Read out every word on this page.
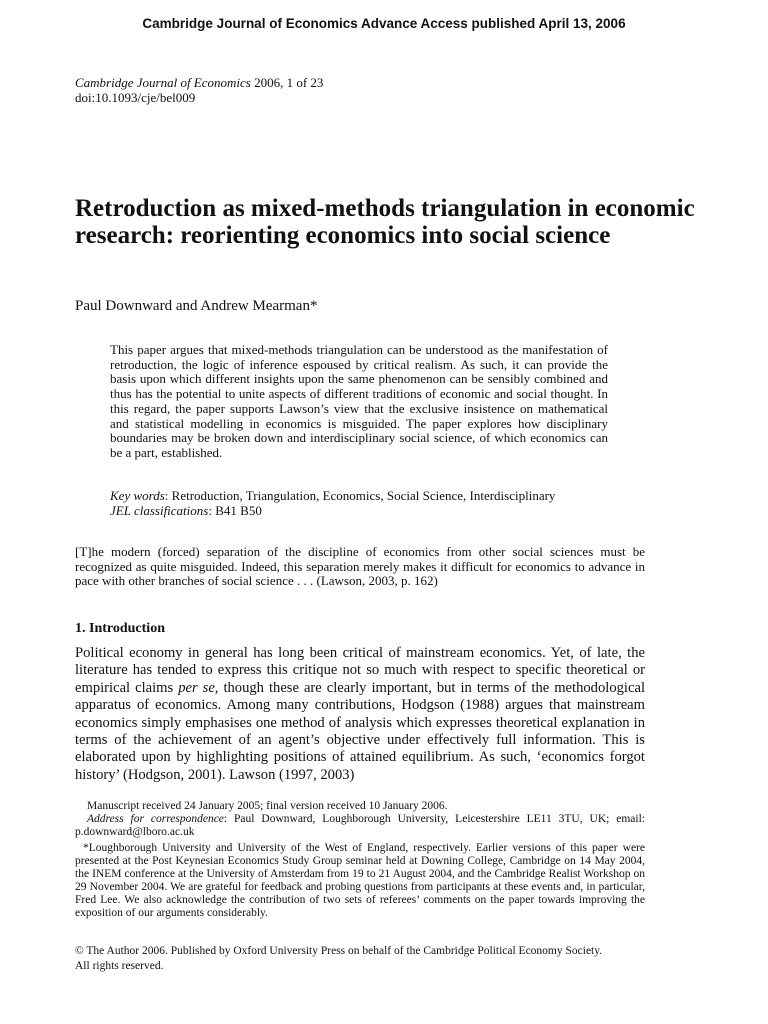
Cambridge Journal of Economics Advance Access published April 13, 2006
Cambridge Journal of Economics 2006, 1 of 23
doi:10.1093/cje/bel009
Retroduction as mixed-methods triangulation in economic research: reorienting economics into social science
Paul Downward and Andrew Mearman*

This paper argues that mixed-methods triangulation can be understood as the manifestation of retroduction, the logic of inference espoused by critical realism. As such, it can provide the basis upon which different insights upon the same phenomenon can be sensibly combined and thus has the potential to unite aspects of different traditions of economic and social thought. In this regard, the paper supports Lawson’s view that the exclusive insistence on mathematical and statistical modelling in economics is misguided. The paper explores how disciplinary boundaries may be broken down and interdisciplinary social science, of which economics can be a part, established.

Key words: Retroduction, Triangulation, Economics, Social Science, Interdisciplinary
JEL classifications: B41 B50

[T]he modern (forced) separation of the discipline of economics from other social sciences must be recognized as quite misguided. Indeed, this separation merely makes it difficult for economics to advance in pace with other branches of social science . . . (Lawson, 2003, p. 162)

1. Introduction

Political economy in general has long been critical of mainstream economics. Yet, of late, the literature has tended to express this critique not so much with respect to specific theoretical or empirical claims per se, though these are clearly important, but in terms of the methodological apparatus of economics. Among many contributions, Hodgson (1988) argues that mainstream economics simply emphasises one method of analysis which expresses theoretical explanation in terms of the achievement of an agent’s objective under effectively full information. This is elaborated upon by highlighting positions of attained equilibrium. As such, ‘economics forgot history’ (Hodgson, 2001). Lawson (1997, 2003)

Manuscript received 24 January 2005; final version received 10 January 2006.

Address for correspondence: Paul Downward, Loughborough University, Leicestershire LE11 3TU, UK; email: p.downward@lboro.ac.uk

*Loughborough University and University of the West of England, respectively. Earlier versions of this paper were presented at the Post Keynesian Economics Study Group seminar held at Downing College, Cambridge on 14 May 2004, the INEM conference at the University of Amsterdam from 19 to 21 August 2004, and the Cambridge Realist Workshop on 29 November 2004. We are grateful for feedback and probing questions from participants at these events and, in particular, Fred Lee. We also acknowledge the contribution of two sets of referees’ comments on the paper towards improving the exposition of our arguments considerably.

© The Author 2006. Published by Oxford University Press on behalf of the Cambridge Political Economy Society.

All rights reserved.
